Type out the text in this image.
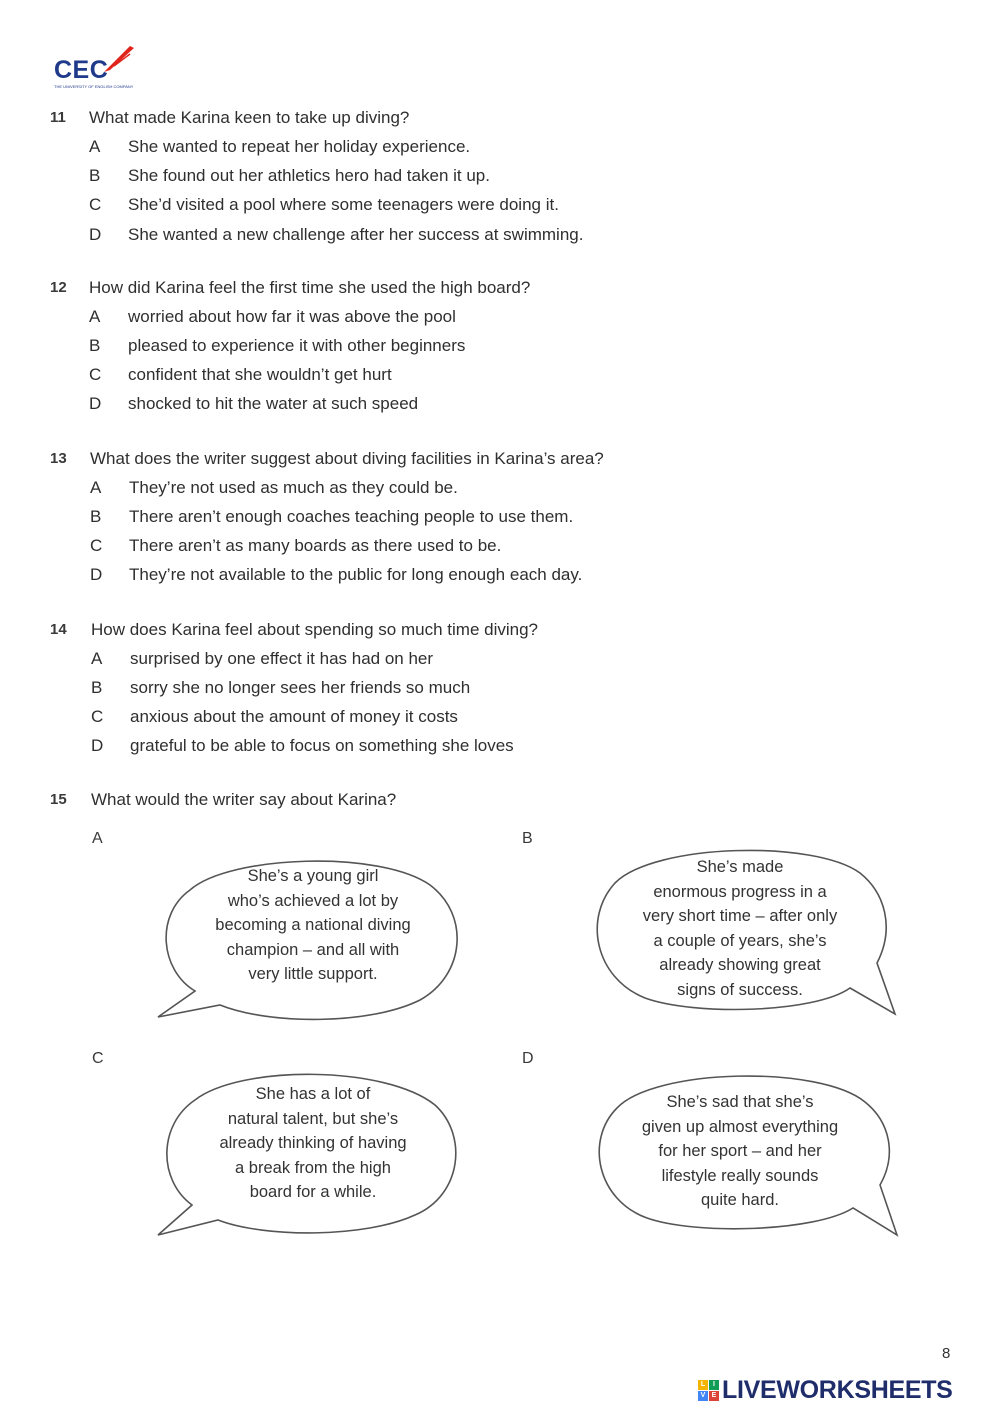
CEC
THE UNIVERSITY OF ENGLISH COMPANY
11 What made Karina keen to take up diving?
A She wanted to repeat her holiday experience.
B She found out her athletics hero had taken it up.
C She’d visited a pool where some teenagers were doing it.
D She wanted a new challenge after her success at swimming.
12 How did Karina feel the first time she used the high board?
A worried about how far it was above the pool
B pleased to experience it with other beginners
C confident that she wouldn’t get hurt
D shocked to hit the water at such speed
13 What does the writer suggest about diving facilities in Karina’s area?
A They’re not used as much as they could be.
B There aren’t enough coaches teaching people to use them.
C There aren’t as many boards as there used to be.
D They’re not available to the public for long enough each day.
14 How does Karina feel about spending so much time diving?
A surprised by one effect it has had on her
B sorry she no longer sees her friends so much
C anxious about the amount of money it costs
D grateful to be able to focus on something she loves
15 What would the writer say about Karina?
A
She’s a young girl
who’s achieved a lot by
becoming a national diving
champion – and all with
very little support.
B
She’s made
enormous progress in a
very short time – after only
a couple of years, she’s
already showing great
signs of success.
C
She has a lot of
natural talent, but she’s
already thinking of having
a break from the high
board for a while.
D
She’s sad that she’s
given up almost everything
for her sport – and her
lifestyle really sounds
quite hard.
8
L	I
V E LIVEWORKSHEETS
